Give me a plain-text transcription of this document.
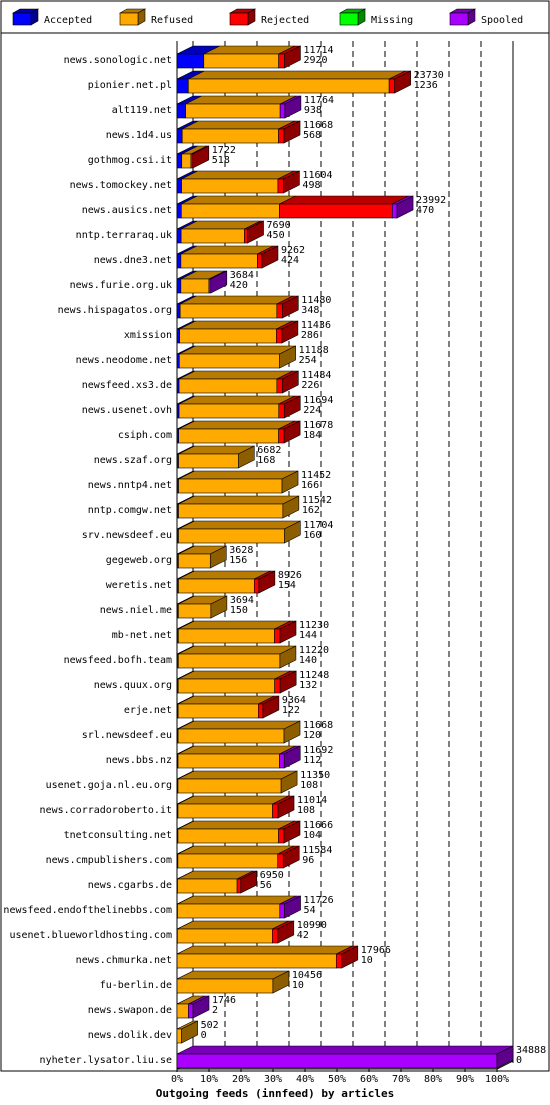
Accepted	Refused	Rejected	Missing	Spooled
11714
2920
23730
1236
11764
938
11668
568
1722
518
11604
498
23992
470
7690
450
9262
424
3684
420
11480
348
11436
286
11188
254
11484
226
11694
224
11678
184
6682
168
11452
166
11542
162
11704
160
3628
156
8926
154
3694
150
11230
144
11220
140
11248
132
9364
122
11668
120
11692
112
11350
108
11014
108
11666
104
11584
96
6950
56
11726
54
10990
42
17966
10
10456
10
1746
2
502
0
34888
0
news.sonologic.net
pionier.net.pl
alt119.net
news.1d4.us
gothmog.csi.it
news.tomockey.net
news.ausics.net
nntp.terraraq.uk
news.dne3.net
news.furie.org.uk
news.hispagatos.org
xmission
news.neodome.net
newsfeed.xs3.de
news.usenet.ovh
csiph.com
news.szaf.org
news.nntp4.net
nntp.comgw.net
srv.newsdeef.eu
gegeweb.org
weretis.net
news.niel.me
mb-net.net
newsfeed.bofh.team
news.quux.org
erje.net
srl.newsdeef.eu
news.bbs.nz
usenet.goja.nl.eu.org
news.corradoroberto.it
tnetconsulting.net
news.cmpublishers.com
news.cgarbs.de
newsfeed.endofthelinebbs.com
usenet.blueworldhosting.com
news.chmurka.net
fu-berlin.de
news.swapon.de
news.dolik.dev
nyheter.lysator.liu.se
0% 10% 20% 30% 40% 50% 60% 70% 80% 90% 100%
Outgoing feeds (innfeed) by articles
